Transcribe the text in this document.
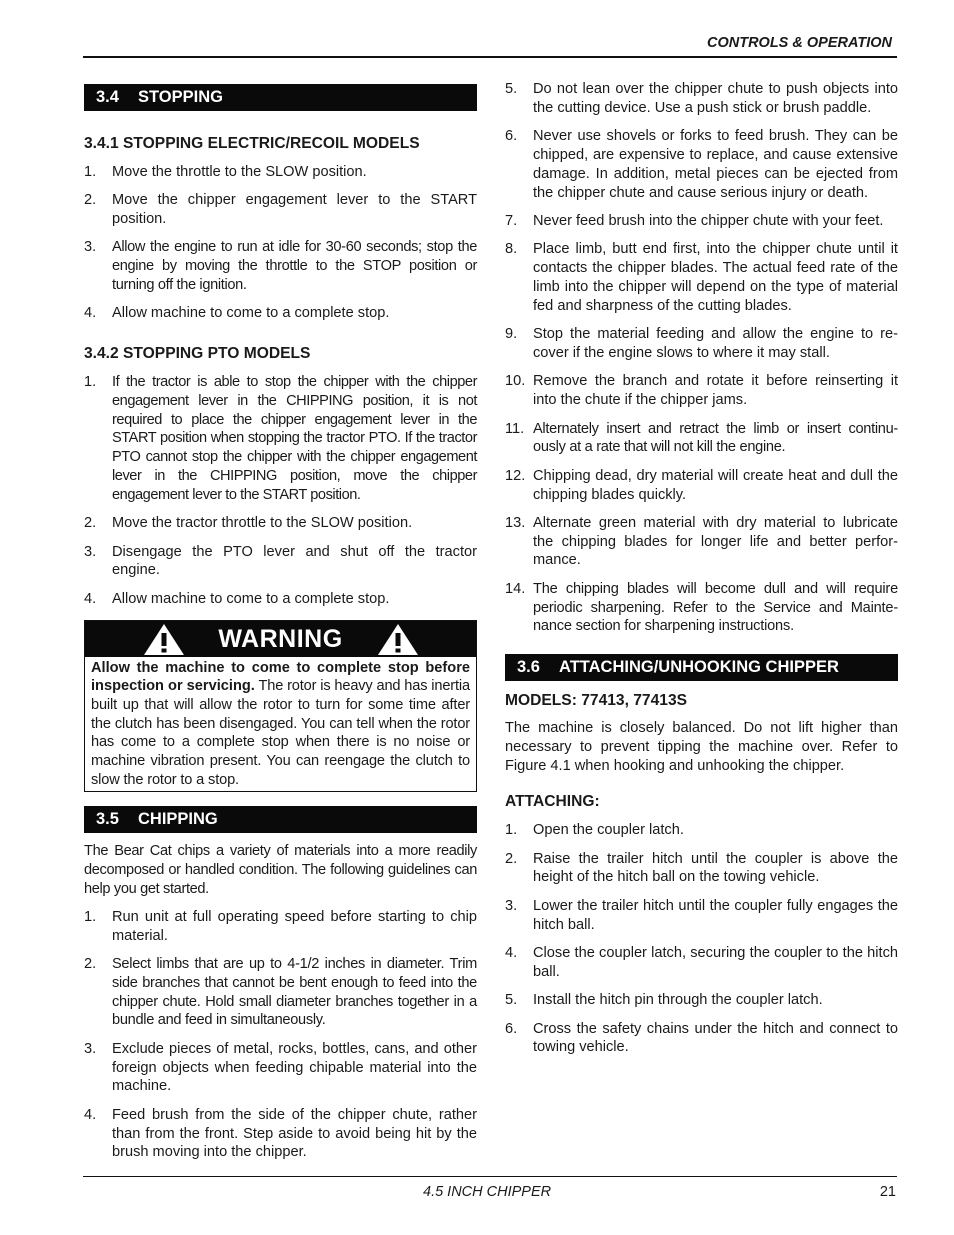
CONTROLS & OPERATION
3.4 STOPPING
3.4.1 STOPPING ELECTRIC/RECOIL MODELS
1. Move the throttle to the SLOW position.
2. Move the chipper engagement lever to the START position.
3. Allow the engine to run at idle for 30-60 seconds; stop the engine by moving the throttle to the STOP position or turning off the ignition.
4. Allow machine to come to a complete stop.
3.4.2 STOPPING PTO MODELS
1. If the tractor is able to stop the chipper with the chipper engagement lever in the CHIPPING position, it is not required to place the chipper engagement lever in the START position when stopping the tractor PTO. If the tractor PTO cannot stop the chipper with the chipper engagement lever in the CHIPPING position, move the chipper engagement lever to the START position.
2. Move the tractor throttle to the SLOW position.
3. Disengage the PTO lever and shut off the tractor engine.
4. Allow machine to come to a complete stop.
WARNING
Allow the machine to come to complete stop before inspection or servicing. The rotor is heavy and has inertia built up that will allow the rotor to turn for some time after the clutch has been disengaged. You can tell when the rotor has come to a complete stop when there is no noise or machine vibration present. You can reengage the clutch to slow the rotor to a stop.
3.5 CHIPPING

The Bear Cat chips a variety of materials into a more readily decomposed or handled condition. The following guidelines can help you get started.

1. Run unit at full operating speed before starting to chip material.
2. Select limbs that are up to 4-1/2 inches in diameter. Trim side branches that cannot be bent enough to feed into the chipper chute. Hold small diameter branches together in a bundle and feed in simultaneously.
3. Exclude pieces of metal, rocks, bottles, cans, and other foreign objects when feeding chipable material into the machine.
4. Feed brush from the side of the chipper chute, rather than from the front. Step aside to avoid being hit by the brush moving into the chipper.
5. Do not lean over the chipper chute to push objects into the cutting device. Use a push stick or brush paddle.
6. Never use shovels or forks to feed brush. They can be chipped, are expensive to replace, and cause extensive damage. In addition, metal pieces can be ejected from the chipper chute and cause serious injury or death.
7. Never feed brush into the chipper chute with your feet.
8. Place limb, butt end first, into the chipper chute until it contacts the chipper blades. The actual feed rate of the limb into the chipper will depend on the type of material fed and sharpness of the cutting blades.
9. Stop the material feeding and allow the engine to re-cover if the engine slows to where it may stall.
10. Remove the branch and rotate it before reinserting it into the chute if the chipper jams.
11. Alternately insert and retract the limb or insert continu-ously at a rate that will not kill the engine.
12. Chipping dead, dry material will create heat and dull the chipping blades quickly.
13. Alternate green material with dry material to lubricate the chipping blades for longer life and better perfor-mance.
14. The chipping blades will become dull and will require periodic sharpening. Refer to the Service and Mainte-nance section for sharpening instructions.
3.6 ATTACHING/UNHOOKING CHIPPER
MODELS: 77413, 77413S

The machine is closely balanced. Do not lift higher than necessary to prevent tipping the machine over. Refer to Figure 4.1 when hooking and unhooking the chipper.

ATTACHING:
1. Open the coupler latch.
2. Raise the trailer hitch until the coupler is above the height of the hitch ball on the towing vehicle.
3. Lower the trailer hitch until the coupler fully engages the hitch ball.
4. Close the coupler latch, securing the coupler to the hitch ball.
5. Install the hitch pin through the coupler latch.
6. Cross the safety chains under the hitch and connect to towing vehicle.
4.5 INCH CHIPPER	21
